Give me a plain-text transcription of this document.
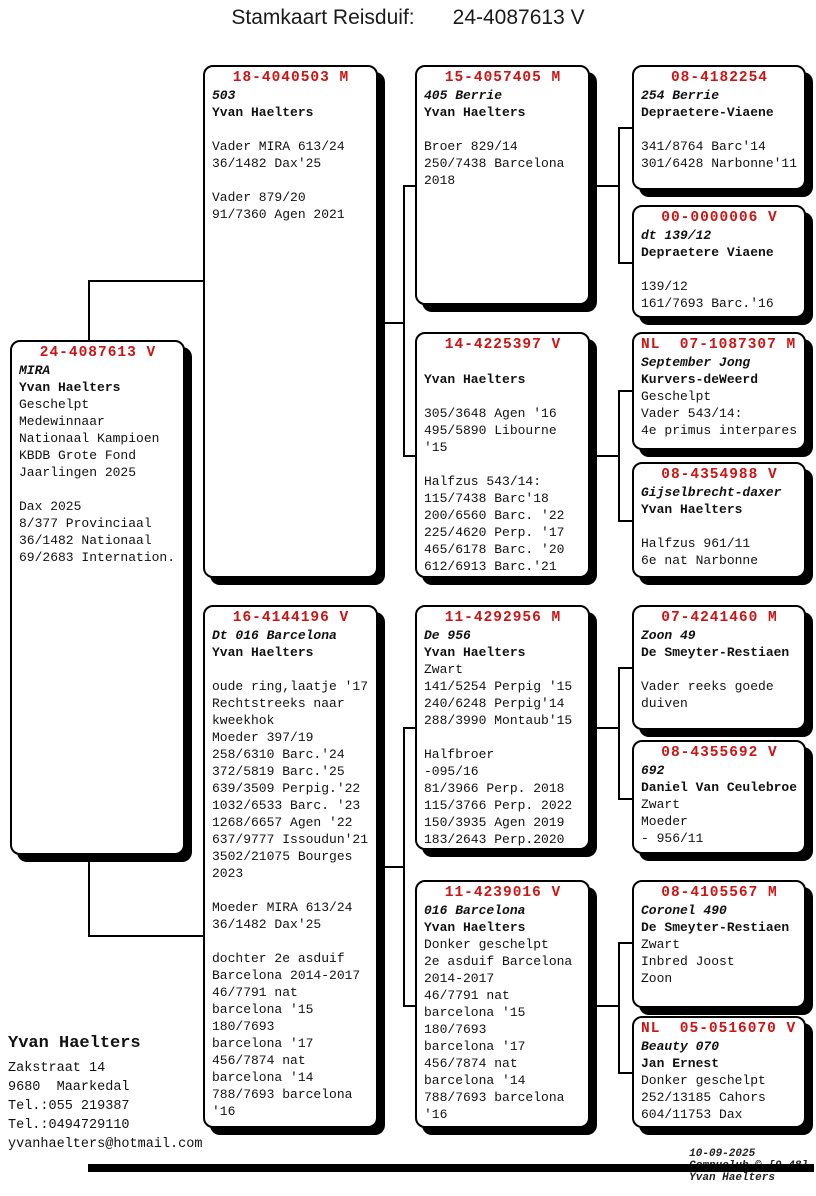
Stamkaart Reisduif: 24-4087613 V
24-4087613 V
MIRA
Yvan Haelters
Geschelpt
Medewinnaar
Nationaal Kampioen
KBDB Grote Fond
Jaarlingen 2025
Dax 2025
8/377 Provinciaal
36/1482 Nationaal
69/2683 Internation.
18-4040503 M
503
Yvan Haelters
Vader MIRA 613/24
36/1482 Dax'25
Vader 879/20
91/7360 Agen 2021
16-4144196 V
Dt 016 Barcelona
Yvan Haelters
oude ring,laatje '17
Rechtstreeks naar
kweekhok
Moeder 397/19
258/6310 Barc.'24
372/5819 Barc.'25
639/3509 Perpig.'22
1032/6533 Barc. '23
1268/6657 Agen '22
637/9777 Issoudun'21
3502/21075 Bourges
2023
Moeder MIRA 613/24
36/1482 Dax'25
dochter 2e asduif
Barcelona 2014-2017
46/7791 nat
barcelona '15
180/7693
barcelona '17
456/7874 nat
barcelona '14
788/7693 barcelona
'16
15-4057405 M
405 Berrie
Yvan Haelters
Broer 829/14
250/7438 Barcelona
2018
14-4225397 V
Yvan Haelters
305/3648 Agen '16
495/5890 Libourne
'15
Halfzus 543/14:
115/7438 Barc'18
200/6560 Barc. '22
225/4620 Perp. '17
465/6178 Barc. '20
612/6913 Barc.'21
11-4292956 M
De 956
Yvan Haelters
Zwart
141/5254 Perpig '15
240/6248 Perpig'14
288/3990 Montaub'15
Halfbroer
-095/16
81/3966 Perp. 2018
115/3766 Perp. 2022
150/3935 Agen 2019
183/2643 Perp.2020
11-4239016 V
016 Barcelona
Yvan Haelters
Donker geschelpt
2e asduif Barcelona
2014-2017
46/7791 nat
barcelona '15
180/7693
barcelona '17
456/7874 nat
barcelona '14
788/7693 barcelona
'16
08-4182254
254 Berrie
Depraetere-Viaene
341/8764 Barc'14
301/6428 Narbonne'11
00-0000006 V
dt 139/12
Depraetere Viaene
139/12
161/7693 Barc.'16
NL  07-1087307 M
September Jong
Kurvers-deWeerd
Geschelpt
Vader 543/14:
4e primus interpares
08-4354988 V
Gijselbrecht-daxer
Yvan Haelters
Halfzus 961/11
6e nat Narbonne
07-4241460 M
Zoon 49
De Smeyter-Restiaen
Vader reeks goede
duiven
08-4355692 V
692
Daniel Van Ceulebroe
Zwart
Moeder
- 956/11
08-4105567 M
Coronel 490
De Smeyter-Restiaen
Zwart
Inbred Joost
Zoon
NL  05-0516070 V
Beauty 070
Jan Ernest
Donker geschelpt
252/13185 Cahors
604/11753 Dax
Yvan Haelters
Zakstraat 14
9680  Maarkedal
Tel.:055 219387
Tel.:0494729110
yvanhaelters@hotmail.com

10-09-2025

Yvan Haelters
